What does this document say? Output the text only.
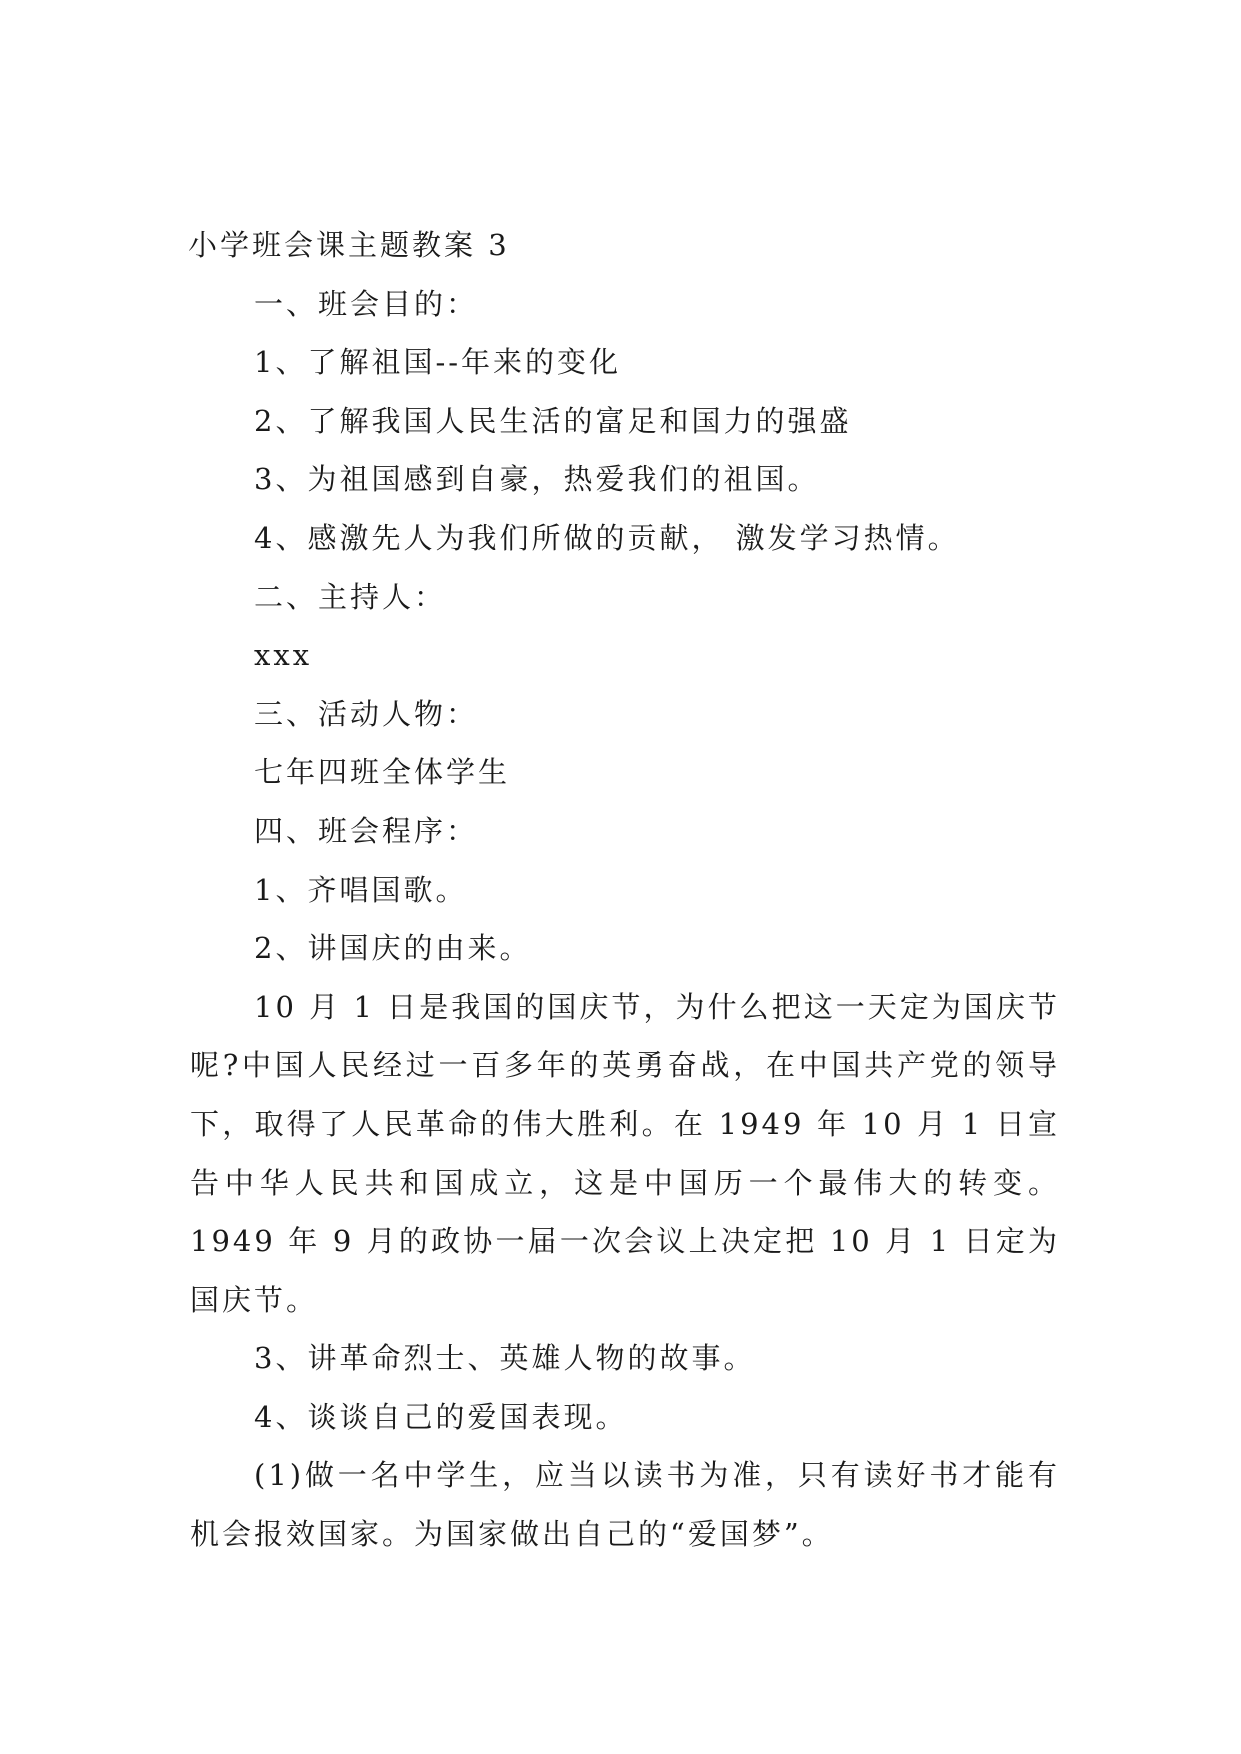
小学班会课主题教案 3
一、班会目的：
1、了解祖国--年来的变化
2、了解我国人民生活的富足和国力的强盛
3、为祖国感到自豪，热爱我们的祖国。
4、感激先人为我们所做的贡献， 激发学习热情。
二、主持人：
xxx
三、活动人物：
七年四班全体学生
四、班会程序：
1、齐唱国歌。
2、讲国庆的由来。

10 月 1 日是我国的国庆节，为什么把这一天定为国庆节呢?中国人民经过一百多年的英勇奋战，在中国共产党的领导下，取得了人民革命的伟大胜利。在 1949 年 10 月 1 日宣告中华人民共和国成立，这是中国历一个最伟大的转变。1949 年 9 月的政协一届一次会议上决定把 10 月 1 日定为国庆节。

3、讲革命烈士、英雄人物的故事。
4、谈谈自己的爱国表现。

(1)做一名中学生，应当以读书为准，只有读好书才能有机会报效国家。为国家做出自己的“爱国梦”。
